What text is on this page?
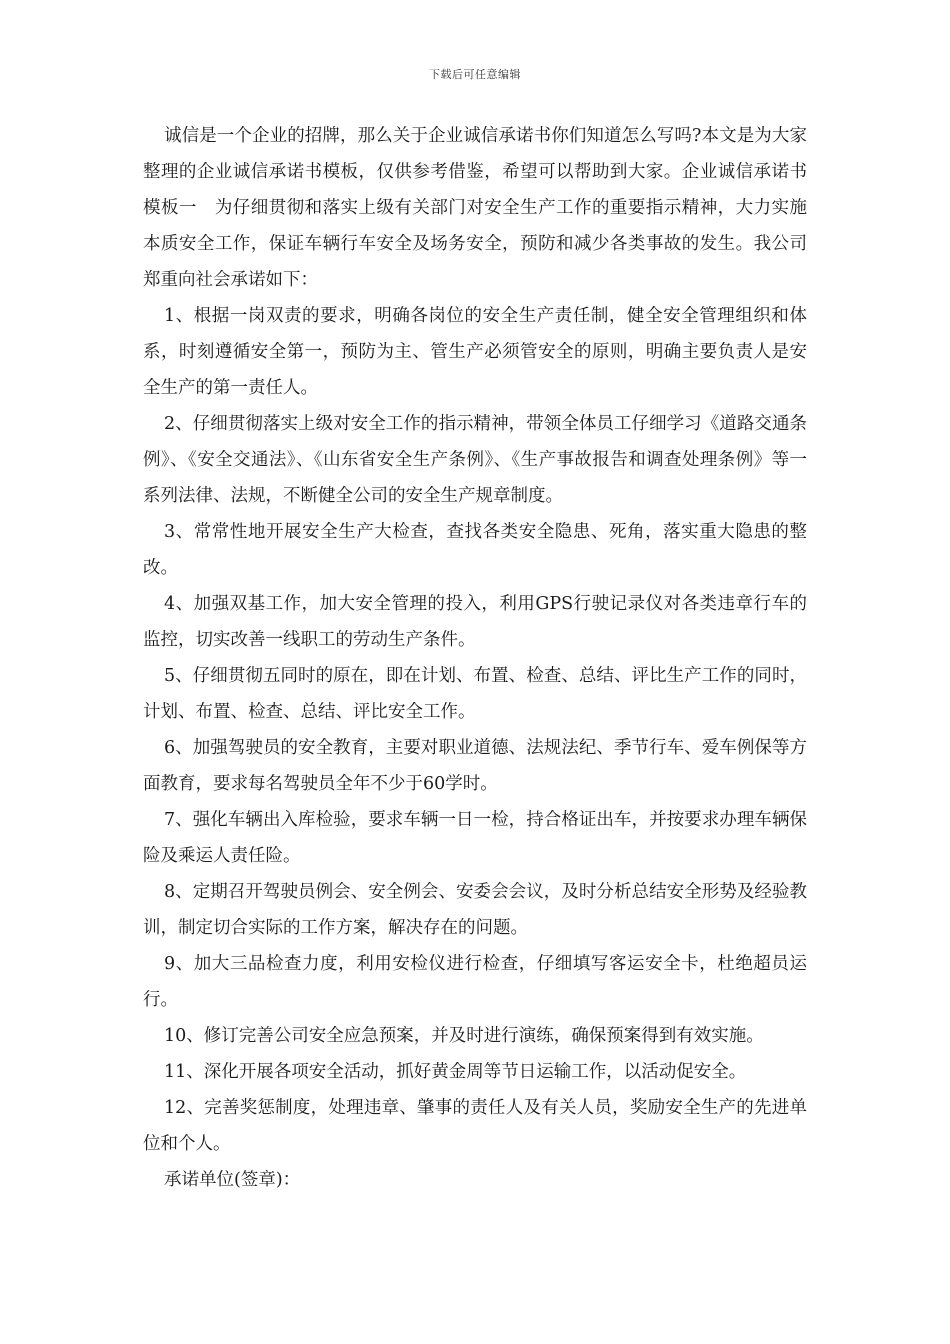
下载后可任意编辑

诚信是一个企业的招牌，那么关于企业诚信承诺书你们知道怎么写吗?本文是为大家整理的企业诚信承诺书模板，仅供参考借鉴，希望可以帮助到大家。企业诚信承诺书模板一　为仔细贯彻和落实上级有关部门对安全生产工作的重要指示精神，大力实施本质安全工作，保证车辆行车安全及场务安全，预防和减少各类事故的发生。我公司郑重向社会承诺如下：

1、根据一岗双责的要求，明确各岗位的安全生产责任制，健全安全管理组织和体系，时刻遵循安全第一，预防为主、管生产必须管安全的原则，明确主要负责人是安全生产的第一责任人。

2、仔细贯彻落实上级对安全工作的指示精神，带领全体员工仔细学习《道路交通条例》、《安全交通法》、《山东省安全生产条例》、《生产事故报告和调查处理条例》等一系列法律、法规，不断健全公司的安全生产规章制度。

3、常常性地开展安全生产大检查，查找各类安全隐患、死角，落实重大隐患的整改。

4、加强双基工作，加大安全管理的投入，利用GPS行驶记录仪对各类违章行车的监控，切实改善一线职工的劳动生产条件。

5、仔细贯彻五同时的原在，即在计划、布置、检查、总结、评比生产工作的同时，计划、布置、检查、总结、评比安全工作。

6、加强驾驶员的安全教育，主要对职业道德、法规法纪、季节行车、爱车例保等方面教育，要求每名驾驶员全年不少于60学时。

7、强化车辆出入库检验，要求车辆一日一检，持合格证出车，并按要求办理车辆保险及乘运人责任险。

8、定期召开驾驶员例会、安全例会、安委会会议，及时分析总结安全形势及经验教训，制定切合实际的工作方案，解决存在的问题。

9、加大三品检查力度，利用安检仪进行检查，仔细填写客运安全卡，杜绝超员运行。

10、修订完善公司安全应急预案，并及时进行演练，确保预案得到有效实施。

11、深化开展各项安全活动，抓好黄金周等节日运输工作，以活动促安全。

12、完善奖惩制度，处理违章、肇事的责任人及有关人员，奖励安全生产的先进单位和个人。

承诺单位(签章)：
